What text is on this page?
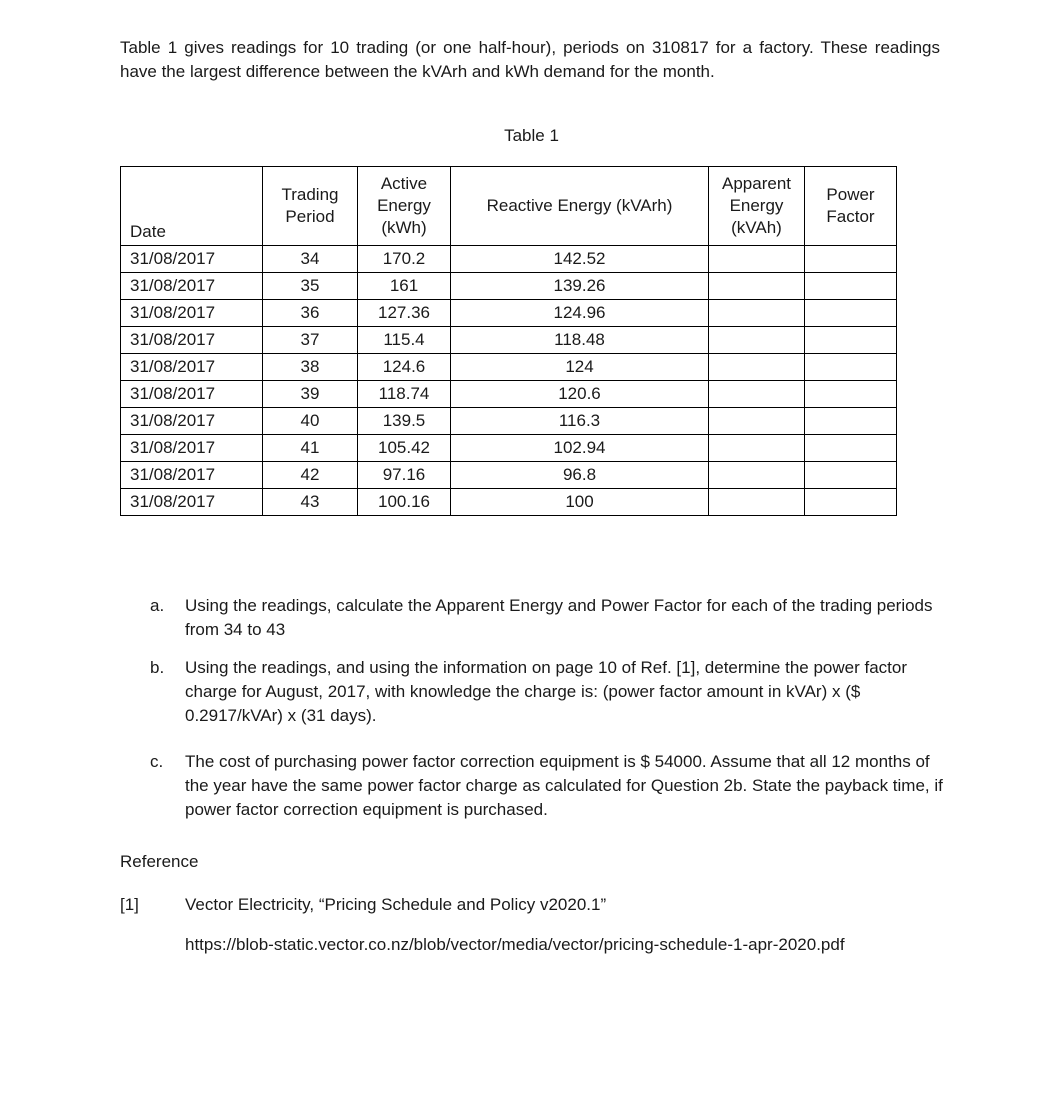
Table 1 gives readings for 10 trading (or one half-hour), periods on 310817 for a factory. These readings have the largest difference between the kVArh and kWh demand for the month.

Table 1
Date	Trading Period	Active Energy (kWh)	Reactive Energy (kVArh)	Apparent Energy (kVAh)	Power Factor
31/08/2017	34	170.2	142.52		
31/08/2017	35	161	139.26		
31/08/2017	36	127.36	124.96		
31/08/2017	37	115.4	118.48		
31/08/2017	38	124.6	124		
31/08/2017	39	118.74	120.6		
31/08/2017	40	139.5	116.3		
31/08/2017	41	105.42	102.94		
31/08/2017	42	97.16	96.8		
31/08/2017	43	100.16	100		
a. Using the readings, calculate the Apparent Energy and Power Factor for each of the trading periods from 34 to 43
b. Using the readings, and using the information on page 10 of Ref. [1], determine the power factor charge for August, 2017, with knowledge the charge is: (power factor amount in kVAr) x ($ 0.2917/kVAr) x (31 days).
c. The cost of purchasing power factor correction equipment is $ 54000. Assume that all 12 months of the year have the same power factor charge as calculated for Question 2b. State the payback time, if power factor correction equipment is purchased.
Reference
[1]	Vector Electricity, “Pricing Schedule and Policy v2020.1”
https://blob-static.vector.co.nz/blob/vector/media/vector/pricing-schedule-1-apr-2020.pdf
